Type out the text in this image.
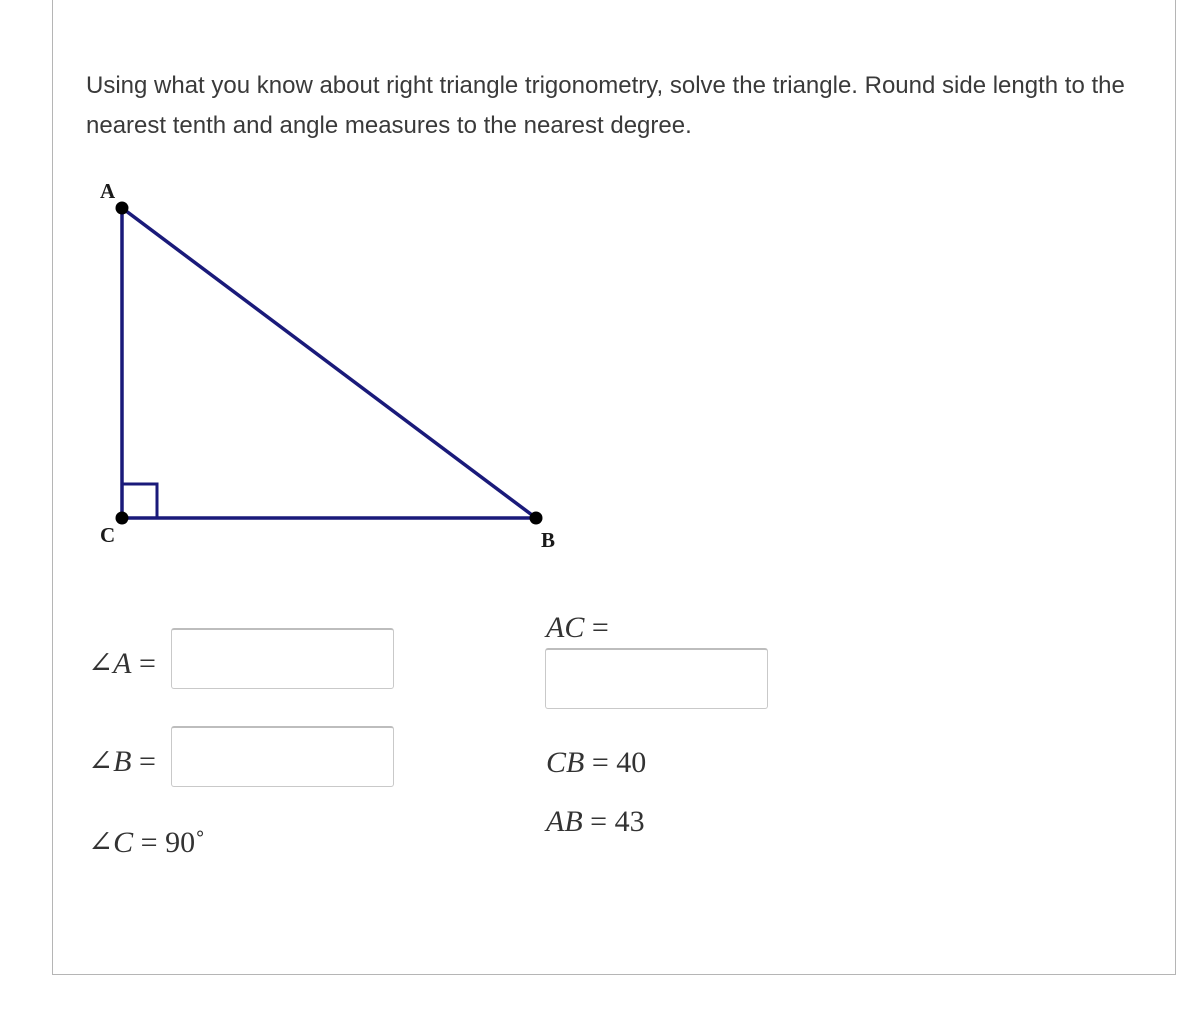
Using what you know about right triangle trigonometry, solve the triangle. Round side length to the nearest tenth and angle measures to the nearest degree.

A
C	B
∠A =
∠B =
∠C = 90˚
AC =
CB = 40
AB = 43
